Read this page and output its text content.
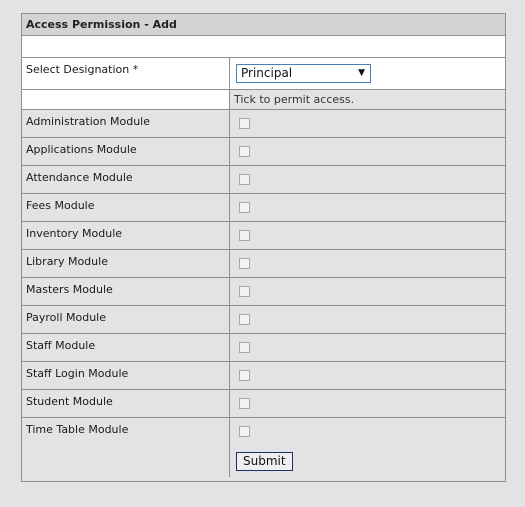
Access Permission - Add
Select Designation *	Principal	▼
Tick to permit access.
Administration Module
Applications Module
Attendance Module
Fees Module
Inventory Module
Library Module
Masters Module
Payroll Module
Staff Module
Staff Login Module
Student Module
Time Table Module
Submit
